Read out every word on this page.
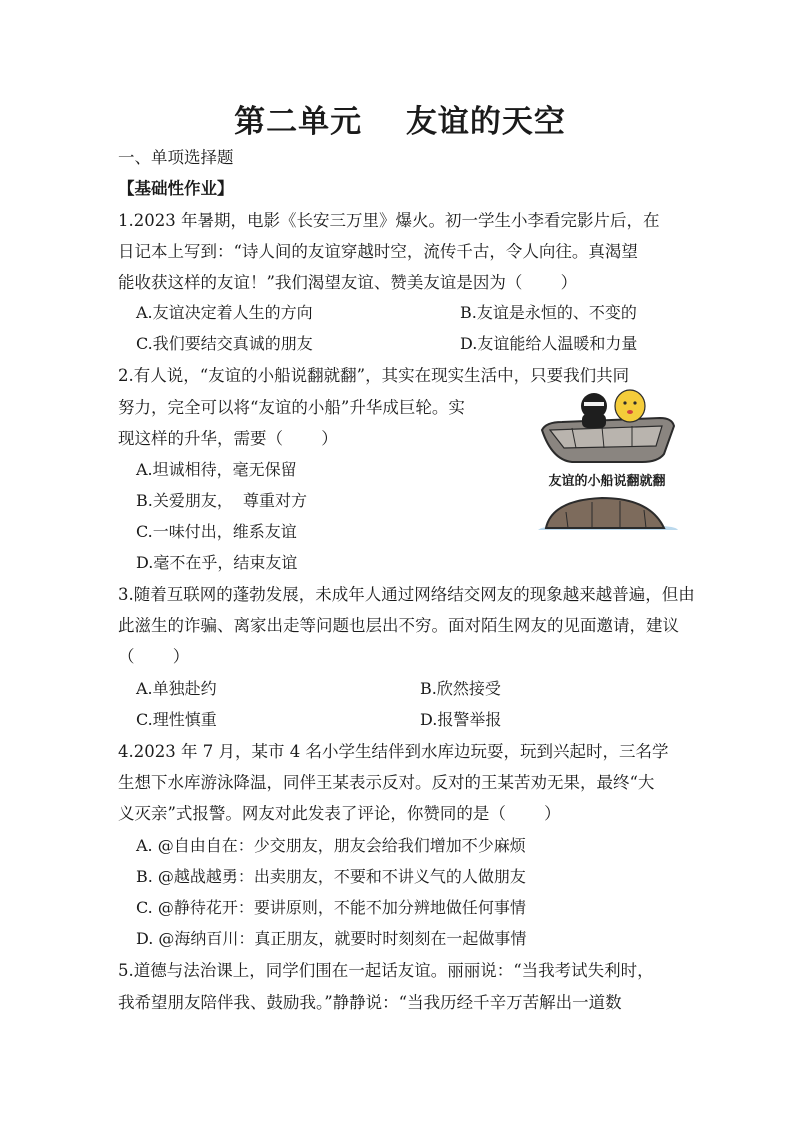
第二单元　 友谊的天空
一、单项选择题
【基础性作业】
1.2023 年暑期，电影《长安三万里》爆火。初一学生小李看完影片后，在
日记本上写到：“诗人间的友谊穿越时空，流传千古，令人向往。真渴望
能收获这样的友谊！”我们渴望友谊、赞美友谊是因为（　　 ）
A.友谊决定着人生的方向	B.友谊是永恒的、不变的
C.我们要结交真诚的朋友	D.友谊能给人温暖和力量
2.有人说，“友谊的小船说翻就翻”，其实在现实生活中，只要我们共同
努力，完全可以将“友谊的小船”升华成巨轮。实
现这样的升华，需要（　　 ）
A.坦诚相待，毫无保留
B.关爱朋友，  尊重对方
C.一味付出，维系友谊
D.毫不在乎，结束友谊
友谊的小船说翻就翻
3.随着互联网的蓬勃发展，未成年人通过网络结交网友的现象越来越普遍，但由
此滋生的诈骗、离家出走等问题也层出不穷。面对陌生网友的见面邀请，建议
（　　 ）
A.单独赴约	B.欣然接受
C.理性慎重	D.报警举报
4.2023 年 7 月，某市 4 名小学生结伴到水库边玩耍，玩到兴起时，三名学
生想下水库游泳降温，同伴王某表示反对。反对的王某苦劝无果，最终“大
义灭亲”式报警。网友对此发表了评论，你赞同的是（　　 ）
A. @自由自在：少交朋友，朋友会给我们增加不少麻烦
B. @越战越勇：出卖朋友，不要和不讲义气的人做朋友
C. @静待花开：要讲原则，不能不加分辨地做任何事情
D. @海纳百川：真正朋友，就要时时刻刻在一起做事情
5.道德与法治课上，同学们围在一起话友谊。丽丽说：“当我考试失利时，
我希望朋友陪伴我、鼓励我。”静静说：“当我历经千辛万苦解出一道数
